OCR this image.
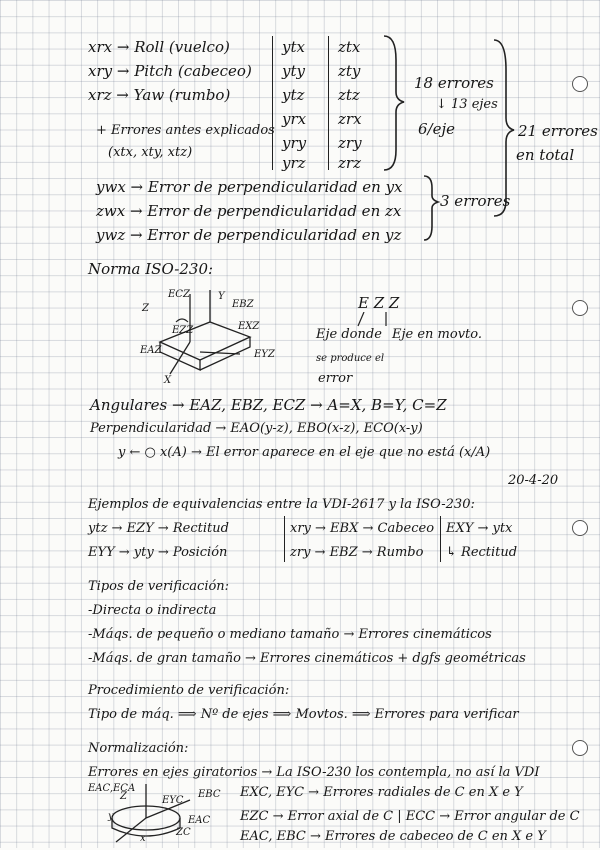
xrx → Roll (vuelco)
xry → Pitch (cabeceo)
xrz → Yaw (rumbo)
+ Errores antes explicados
(xtx, xty, xtz)
ytx
yty
ytz
yrx
yry
yrz
ztx
zty
ztz
zrx
zry
zrz
18 errores
↓ 13 ejes
6/eje	21 errores
en total
ywx → Error de perpendicularidad en yx
zwx → Error de perpendicularidad en zx
ywz → Error de perpendicularidad en yz
3 errores
Norma ISO-230:
ECZ
EBZ
EXZ
EZZ
EAZ	EYZ
Z
Y
X
E Z Z
Eje donde Eje en movto.
se produce el
error
Angulares → EAZ, EBZ, ECZ → A=X, B=Y, C=Z
Perpendicularidad → EAO(y-z), EBO(x-z), ECO(x-y)
y ← ○ x(A) → El error aparece en el eje que no está (x/A)
20-4-20
Ejemplos de equivalencias entre la VDI-2617 y la ISO-230:
ytz → EZY → Rectitud
EYY → yty → Posición
xry → EBX → Cabeceo
zry → EBZ → Rumbo
EXY → ytx
↳ Rectitud
Tipos de verificación:
-Directa o indirecta
-Máqs. de pequeño o mediano tamaño → Errores cinemáticos
-Máqs. de gran tamaño → Errores cinemáticos + dgfs geométricas
Procedimiento de verificación:
Tipo de máq. ⟹ Nº de ejes ⟹ Movtos. ⟹ Errores para verificar
Normalización:
Errores en ejes giratorios → La ISO-230 los contempla, no así la VDI
EAC,ECA
EYC
EBC
EAC
ZC
Z
y
x
EXC, EYC → Errores radiales de C en X e Y
EZC → Error axial de C | ECC → Error angular de C
EAC, EBC → Errores de cabeceo de C en X e Y
